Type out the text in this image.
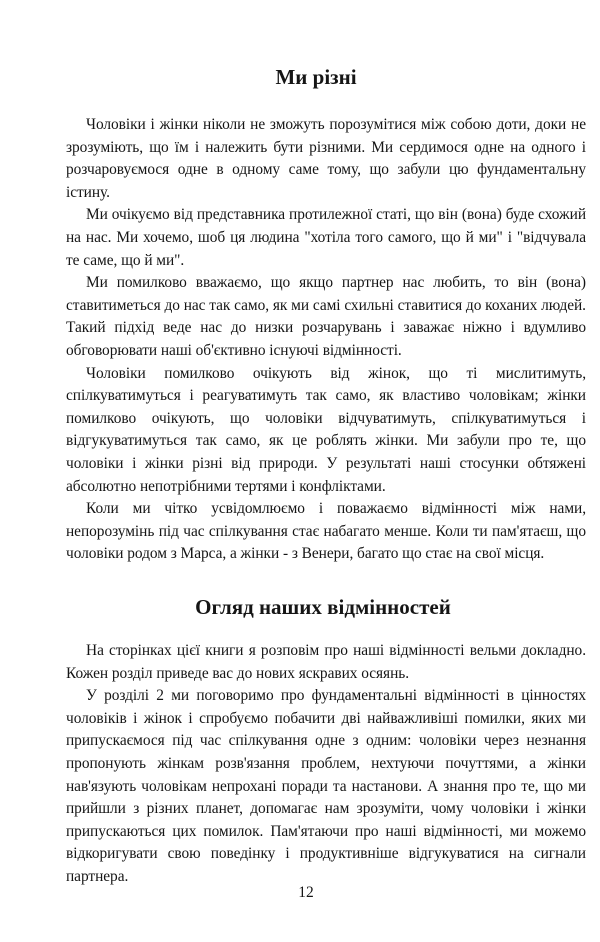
Ми різні

Чоловіки і жінки ніколи не зможуть порозумітися між собою доти, доки не зрозуміють, що їм і належить бути різними. Ми сердимося одне на одного і розчаровуємося одне в одному саме тому, що забули цю фундаментальну істину.

Ми очікуємо від представника протилежної статі, що він (вона) буде схожий на нас. Ми хочемо, шоб ця людина "хотіла того самого, що й ми" і "відчувала те саме, що й ми".

Ми помилково вважаємо, що якщо партнер нас любить, то він (вона) ставитиметься до нас так само, як ми самі схильні ставитися до коханих людей. Такий підхід веде нас до низки розчарувань і заважає ніжно і вдумливо обговорювати наші об'єктивно існуючі відмінності.

Чоловіки помилково очікують від жінок, що ті мислитимуть, спілкуватимуться і реагуватимуть так само, як властиво чоловікам; жінки помилково очікують, що чоловіки відчуватимуть, спілкуватимуться і відгукуватимуться так само, як це роблять жінки. Ми забули про те, що чоловіки і жінки різні від природи. У результаті наші стосунки обтяжені абсолютно непотрібними тертями і конфліктами.

Коли ми чітко усвідомлюємо і поважаємо відмінності між нами, непорозумінь під час спілкування стає набагато менше. Коли ти пам'ятаєш, що чоловіки родом з Марса, а жінки - з Венери, багато що стає на свої місця.

Огляд наших відмінностей

На сторінках цієї книги я розповім про наші відмінності вельми докладно. Кожен розділ приведе вас до нових яскравих осяянь.

У розділі 2 ми поговоримо про фундаментальні відмінності в цінностях чоловіків і жінок і спробуємо побачити дві найважливіші помилки, яких ми припускаємося під час спілкування одне з одним: чоловіки через незнання пропонують жінкам розв'язання проблем, нехтуючи почуттями, а жінки нав'язують чоловікам непрохані поради та настанови. А знання про те, що ми прийшли з різних планет, допомагає нам зрозуміти, чому чоловіки і жінки припускаються цих помилок. Пам'ятаючи про наші відмінності, ми можемо відкоригувати свою поведінку і продуктивніше відгукуватися на сигнали партнера.

12
